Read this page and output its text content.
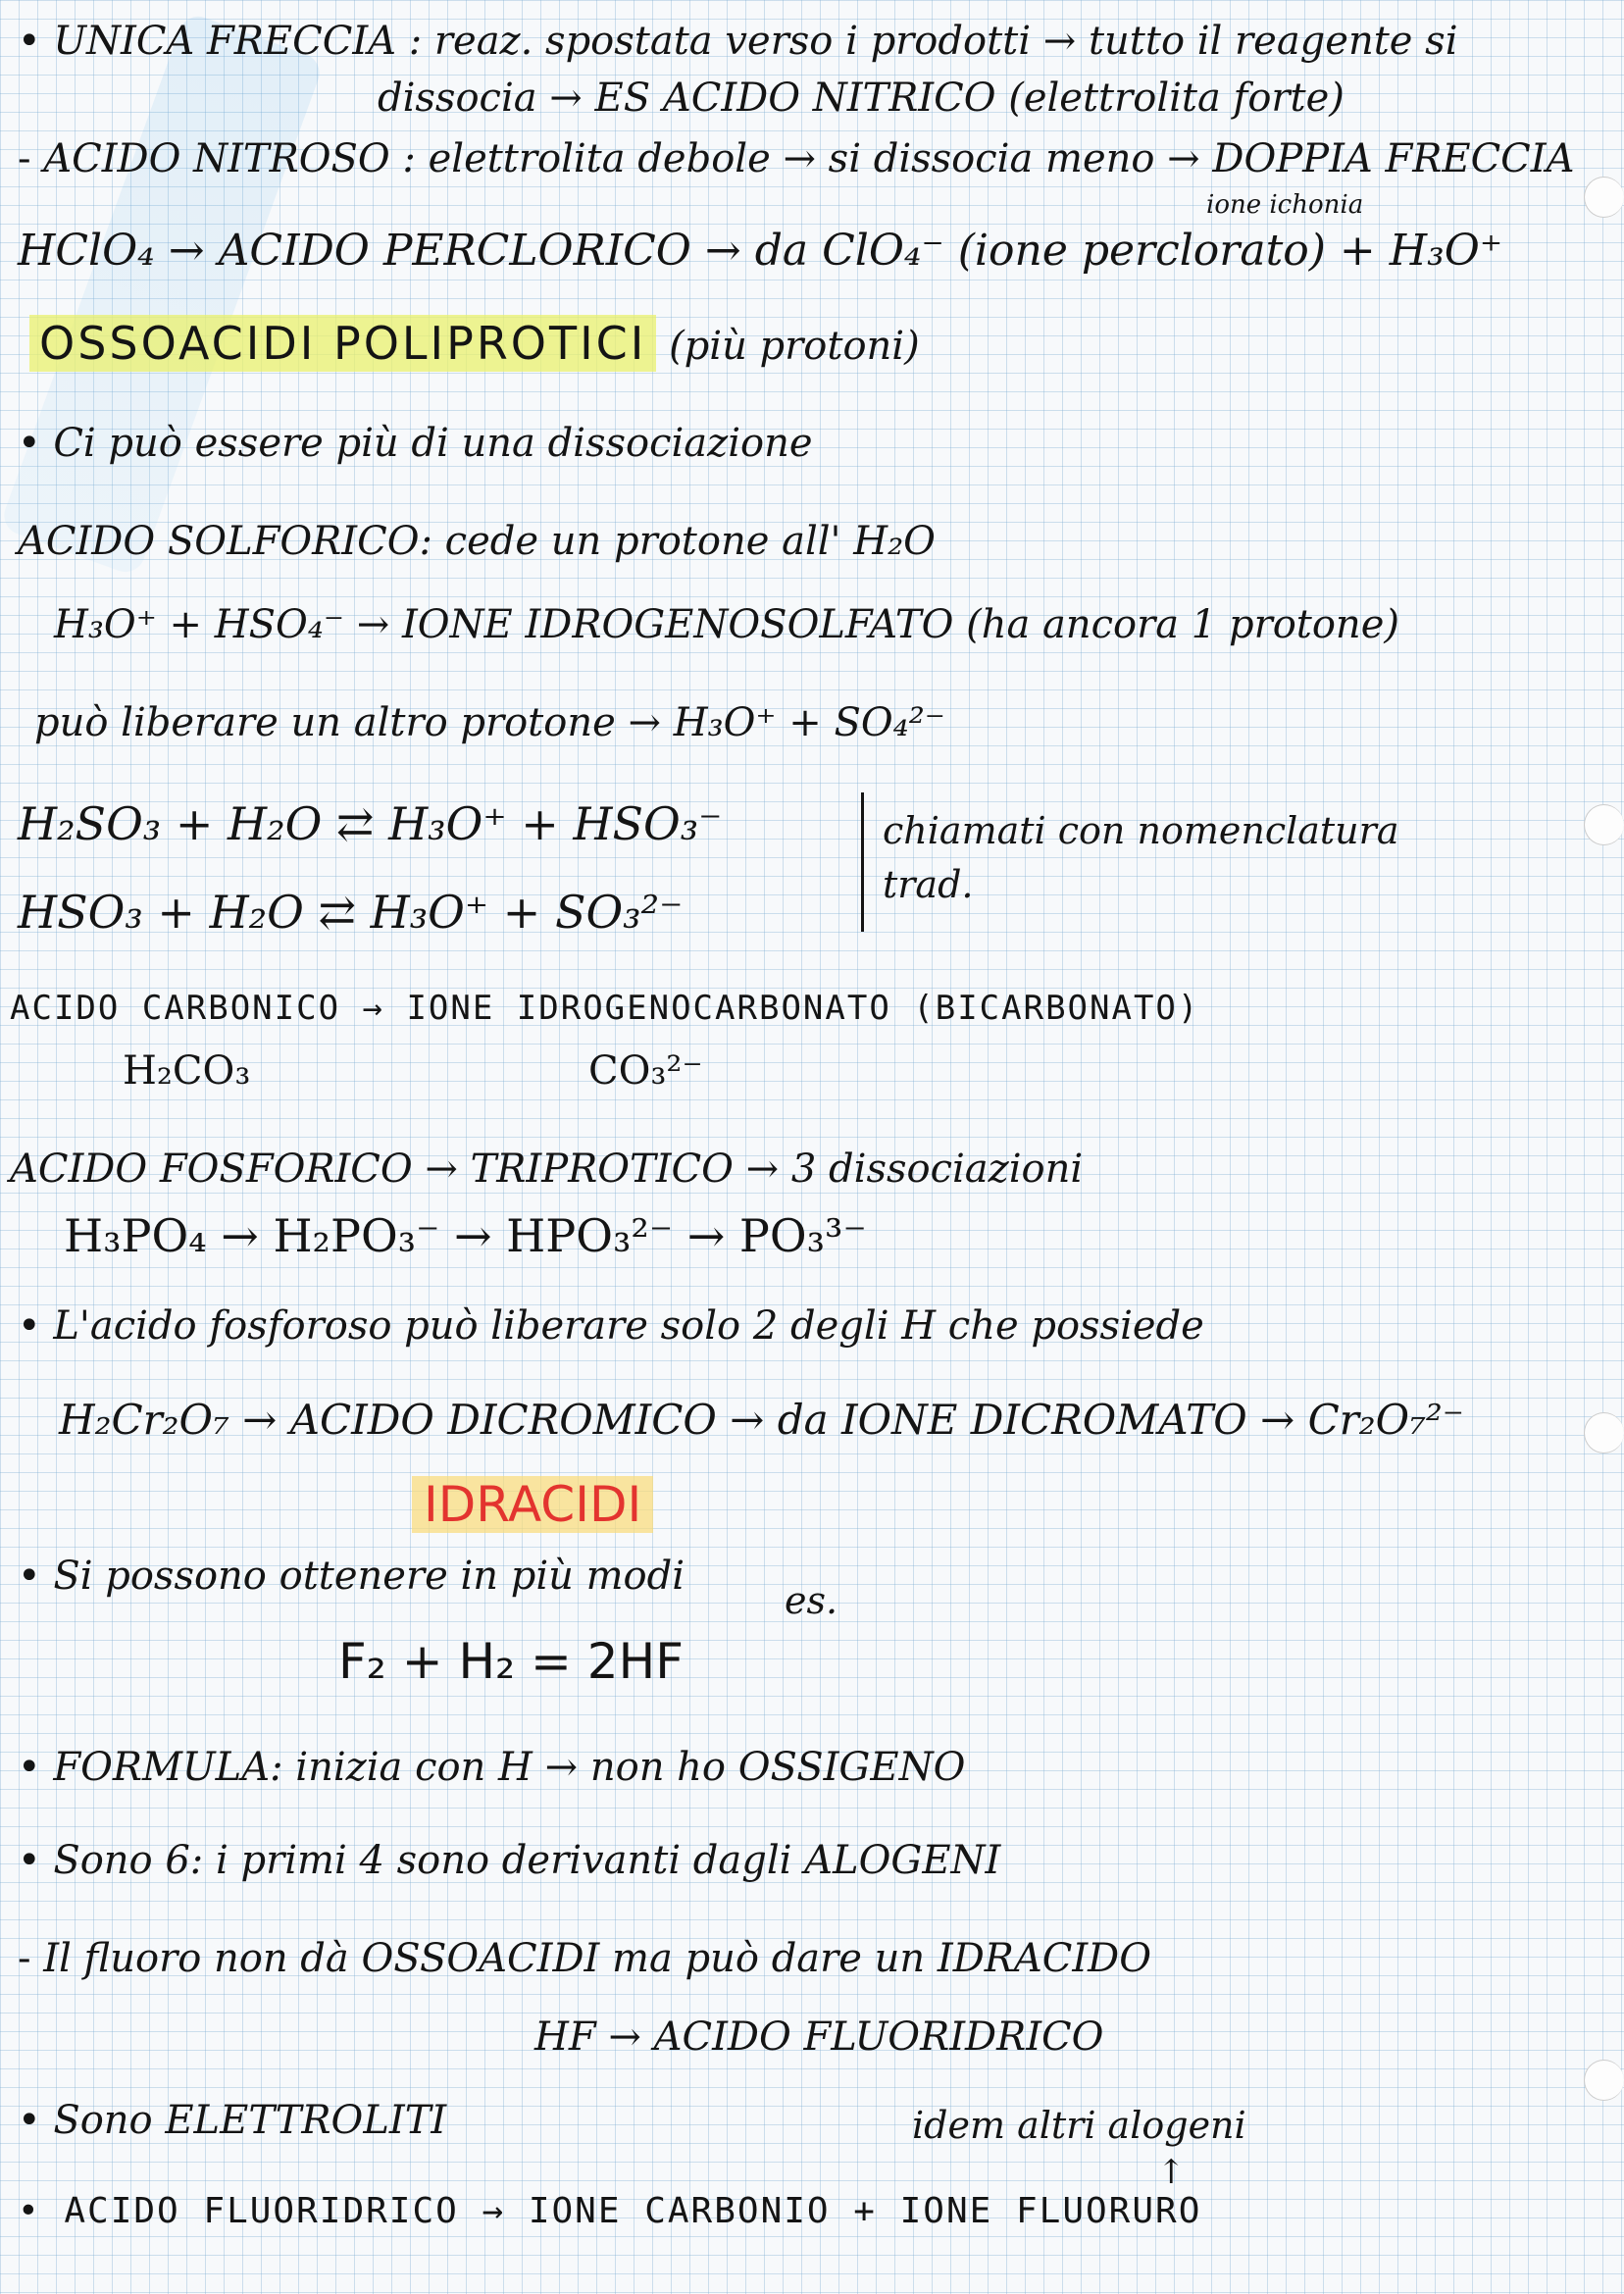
• UNICA FRECCIA : reaz. spostata verso i prodotti → tutto il reagente si
dissocia → ES ACIDO NITRICO (elettrolita forte)
- ACIDO NITROSO : elettrolita debole → si dissocia meno → DOPPIA FRECCIA
ione ichonia
HClO₄ → ACIDO PERCLORICO → da ClO₄⁻ (ione perclorato) + H₃O⁺
OSSOACIDI POLIPROTICI (più protoni)
• Ci può essere più di una dissociazione
ACIDO SOLFORICO: cede un protone all' H₂O
H₃O⁺ + HSO₄⁻ → IONE IDROGENOSOLFATO (ha ancora 1 protone)
può liberare un altro protone → H₃O⁺ + SO₄²⁻
H₂SO₃ + H₂O ⇄ H₃O⁺ + HSO₃⁻
HSO₃ + H₂O ⇄ H₃O⁺ + SO₃²⁻
chiamati con nomenclatura
trad.
ACIDO CARBONICO → IONE IDROGENOCARBONATO (BICARBONATO)
H₂CO₃	CO₃²⁻
ACIDO FOSFORICO → TRIPROTICO → 3 dissociazioni
H₃PO₄ → H₂PO₃⁻ → HPO₃²⁻ → PO₃³⁻
• L'acido fosforoso può liberare solo 2 degli H che possiede
H₂Cr₂O₇ → ACIDO DICROMICO → da IONE DICROMATO → Cr₂O₇²⁻
IDRACIDI
• Si possono ottenere in più modi
es.
F₂ + H₂ = 2HF
• FORMULA: inizia con H → non ho OSSIGENO
• Sono 6: i primi 4 sono derivanti dagli ALOGENI
- Il fluoro non dà OSSOACIDI ma può dare un IDRACIDO
HF → ACIDO FLUORIDRICO
• Sono ELETTROLITI	idem altri alogeni
↑
• ACIDO FLUORIDRICO → IONE CARBONIO + IONE FLUORURO
